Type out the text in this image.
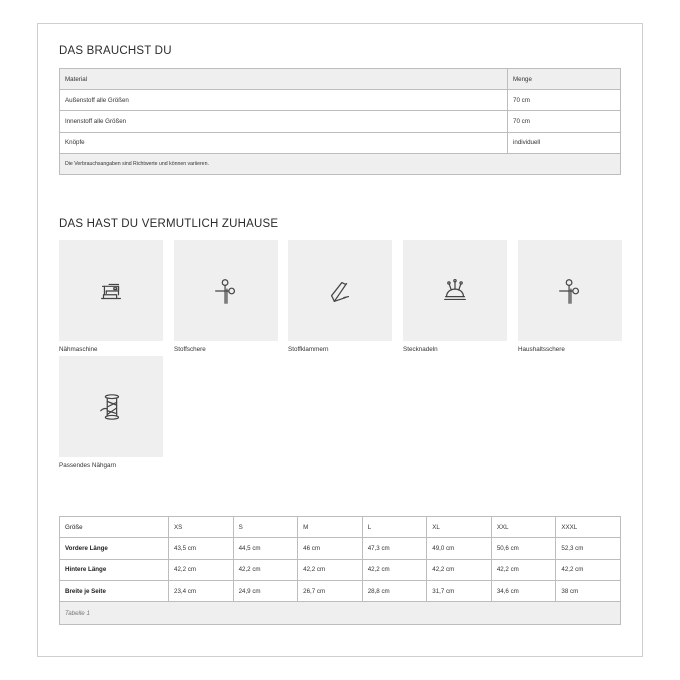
DAS BRAUCHST DU
Material	Menge
Außenstoff alle Größen	70 cm
Innenstoff alle Größen	70 cm
Knöpfe	individuell
Die Verbrauchsangaben sind Richtwerte und können variieren.	
DAS HAST DU VERMUTLICH ZUHAUSE
Nähmaschine	Stoffschere	Stoffklammern	Stecknadeln	Haushaltsschere
Passendes Nähgarn
Größe	XS	S	M	L	XL	XXL	XXXL
Vordere Länge	43,5 cm	44,5 cm	46 cm	47,3 cm	49,0 cm	50,6 cm	52,3 cm
Hintere Länge	42,2 cm	42,2 cm	42,2 cm	42,2 cm	42,2 cm	42,2 cm	42,2 cm
Breite je Seite	23,4 cm	24,9 cm	26,7 cm	28,8 cm	31,7 cm	34,6 cm	38 cm
Tabelle 1							
